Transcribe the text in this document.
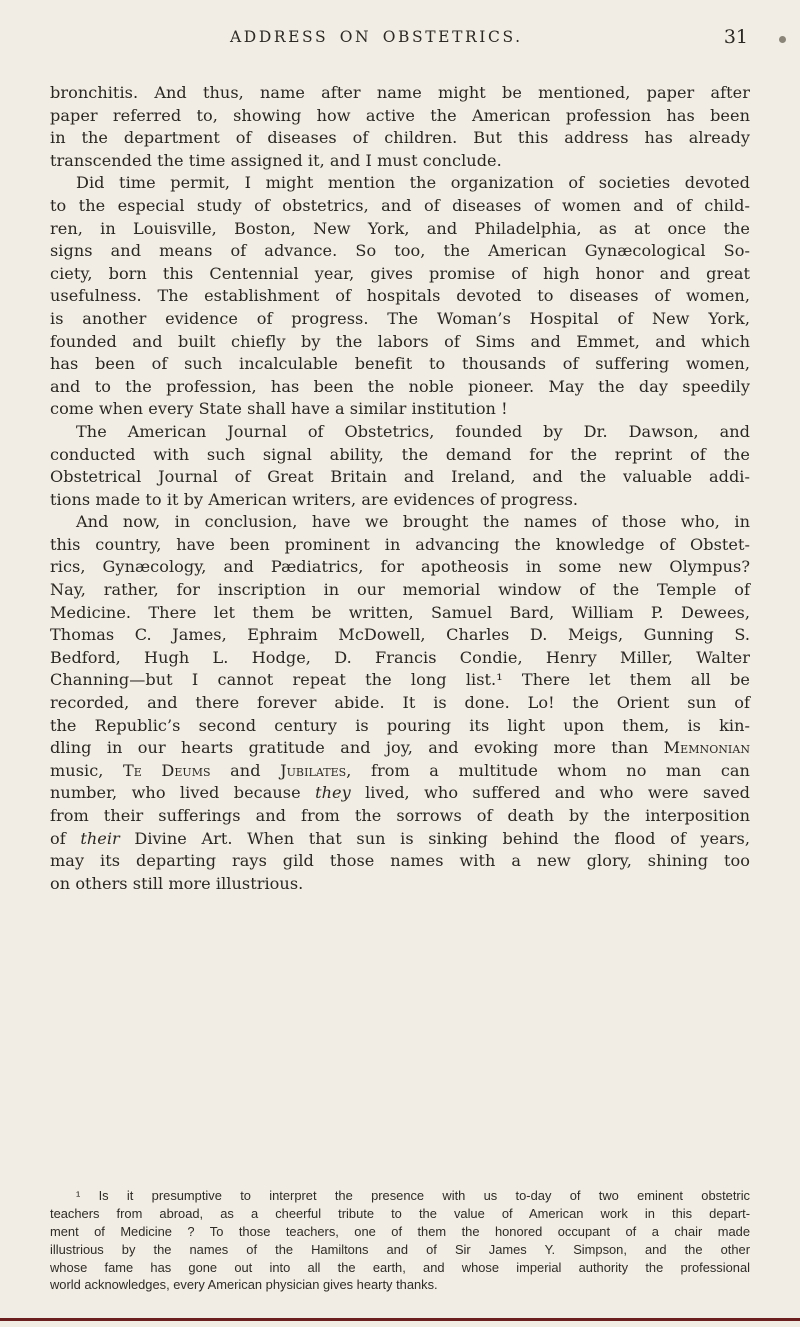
ADDRESS ON OBSTETRICS.	31
bronchitis. And thus, name after name might be mentioned, paper after
paper referred to, showing how active the American profession has been
in the department of diseases of children. But this address has already
transcended the time assigned it, and I must conclude.
Did time permit, I might mention the organization of societies devoted
to the especial study of obstetrics, and of diseases of women and of child-
ren, in Louisville, Boston, New York, and Philadelphia, as at once the
signs and means of advance. So too, the American Gynæcological So-
ciety, born this Centennial year, gives promise of high honor and great
usefulness. The establishment of hospitals devoted to diseases of women,
is another evidence of progress. The Woman’s Hospital of New York,
founded and built chiefly by the labors of Sims and Emmet, and which
has been of such incalculable benefit to thousands of suffering women,
and to the profession, has been the noble pioneer. May the day speedily
come when every State shall have a similar institution !
The American Journal of Obstetrics, founded by Dr. Dawson, and
conducted with such signal ability, the demand for the reprint of the
Obstetrical Journal of Great Britain and Ireland, and the valuable addi-
tions made to it by American writers, are evidences of progress.
And now, in conclusion, have we brought the names of those who, in
this country, have been prominent in advancing the knowledge of Obstet-
rics, Gynæcology, and Pædiatrics, for apotheosis in some new Olympus?
Nay, rather, for inscription in our memorial window of the Temple of
Medicine. There let them be written, Samuel Bard, William P. Dewees,
Thomas C. James, Ephraim McDowell, Charles D. Meigs, Gunning S.
Bedford, Hugh L. Hodge, D. Francis Condie, Henry Miller, Walter
Channing—but I cannot repeat the long list.¹ There let them all be
recorded, and there forever abide. It is done. Lo! the Orient sun of
the Republic’s second century is pouring its light upon them, is kin-
dling in our hearts gratitude and joy, and evoking more than Memnonian
music, Te Deums and Jubilates, from a multitude whom no man can
number, who lived because they lived, who suffered and who were saved
from their sufferings and from the sorrows of death by the interposition
of their Divine Art. When that sun is sinking behind the flood of years,
may its departing rays gild those names with a new glory, shining too
on others still more illustrious.
¹ Is it presumptive to interpret the presence with us to-day of two eminent obstetric
teachers from abroad, as a cheerful tribute to the value of American work in this depart-
ment of Medicine ? To those teachers, one of them the honored occupant of a chair made
illustrious by the names of the Hamiltons and of Sir James Y. Simpson, and the other
whose fame has gone out into all the earth, and whose imperial authority the professional
world acknowledges, every American physician gives hearty thanks.
